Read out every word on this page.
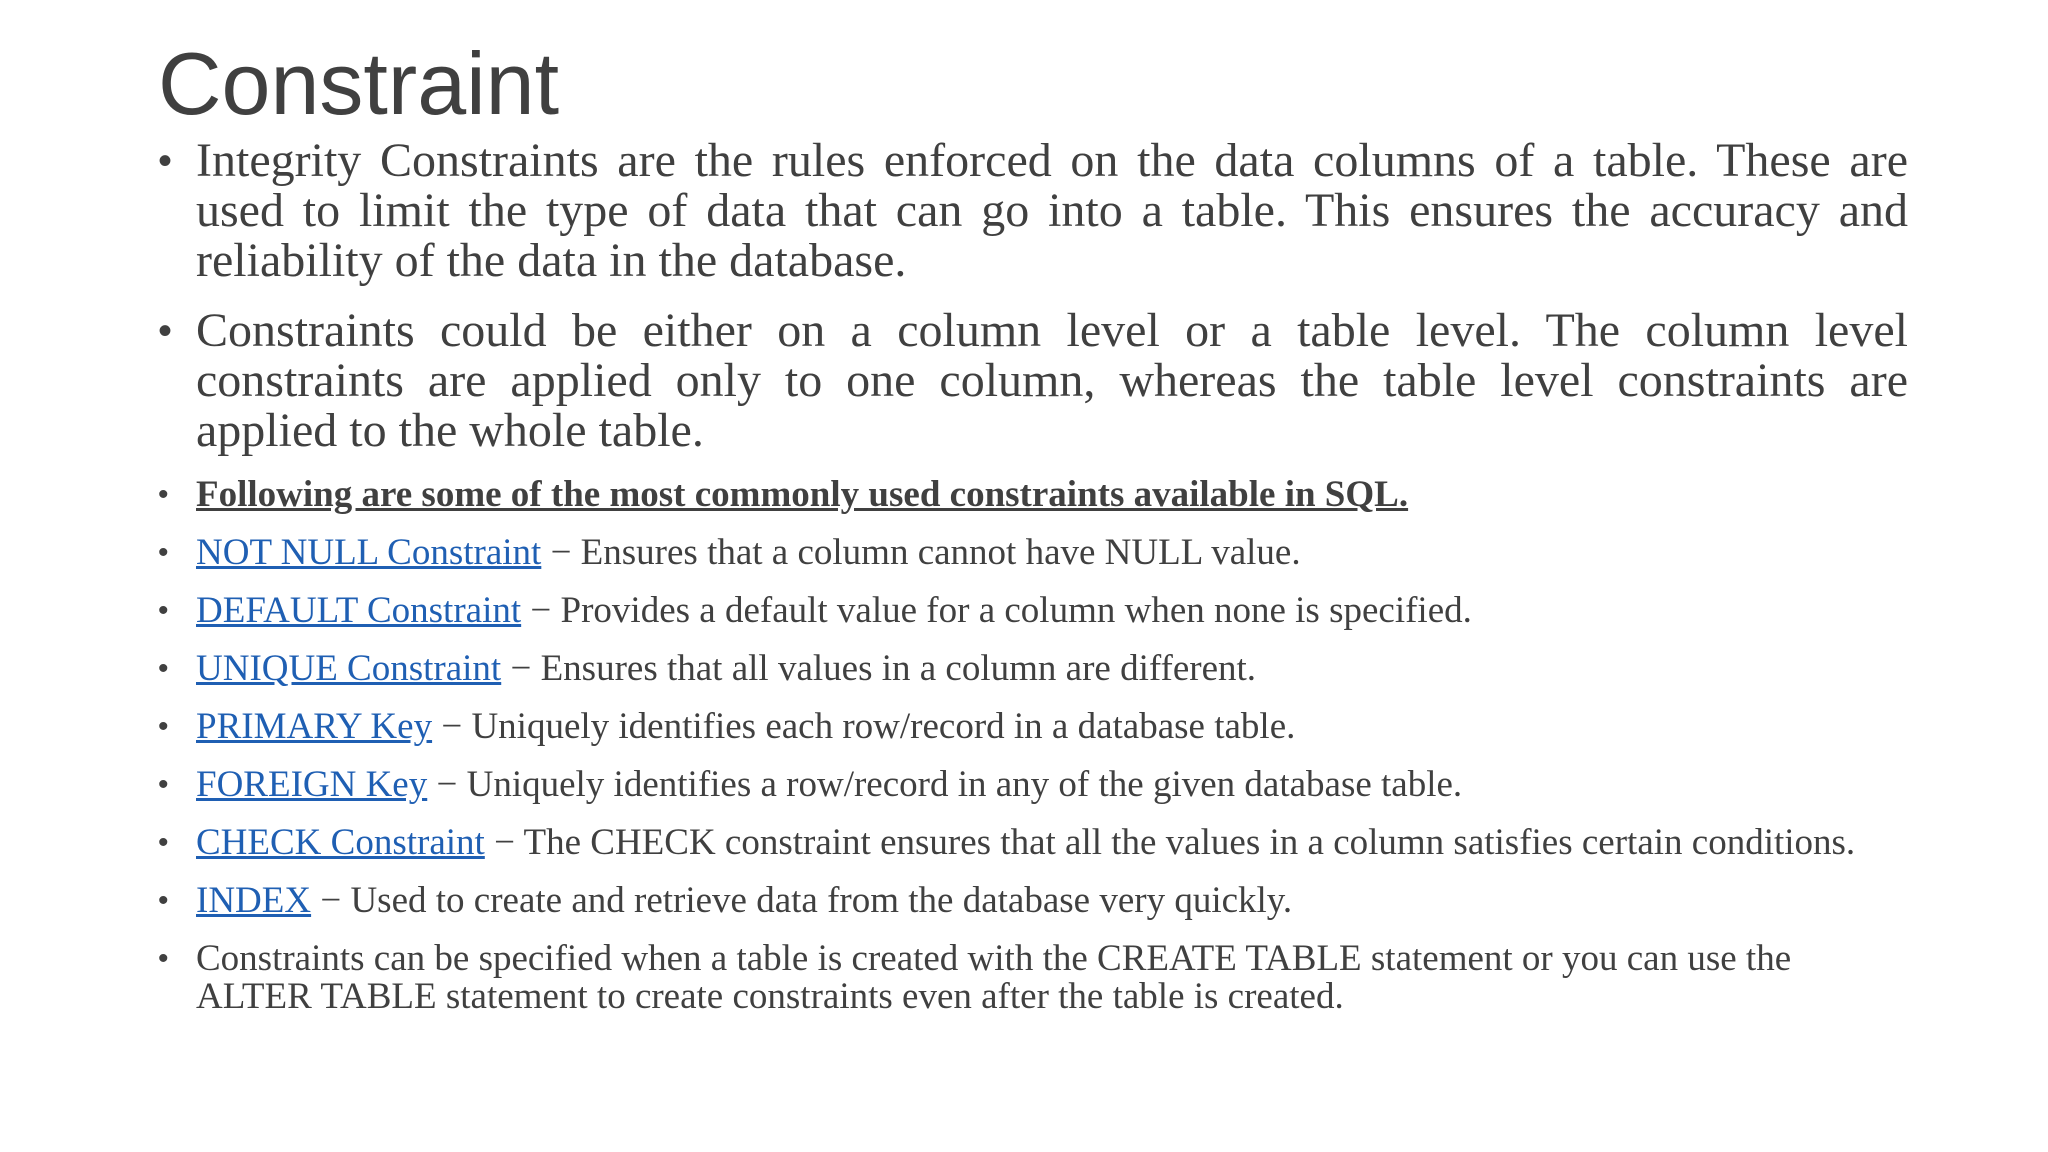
Constraint
• Integrity Constraints are the rules enforced on the data columns of a table. These are used to limit the type of data that can go into a table. This ensures the accuracy and reliability of the data in the database.
• Constraints could be either on a column level or a table level. The column level constraints are applied only to one column, whereas the table level constraints are applied to the whole table.
• Following are some of the most commonly used constraints available in SQL.
• NOT NULL Constraint − Ensures that a column cannot have NULL value.
• DEFAULT Constraint − Provides a default value for a column when none is specified.
• UNIQUE Constraint − Ensures that all values in a column are different.
• PRIMARY Key − Uniquely identifies each row/record in a database table.
• FOREIGN Key − Uniquely identifies a row/record in any of the given database table.
• CHECK Constraint − The CHECK constraint ensures that all the values in a column satisfies certain conditions.
• INDEX − Used to create and retrieve data from the database very quickly.
• Constraints can be specified when a table is created with the CREATE TABLE statement or you can use the ALTER TABLE statement to create constraints even after the table is created.
